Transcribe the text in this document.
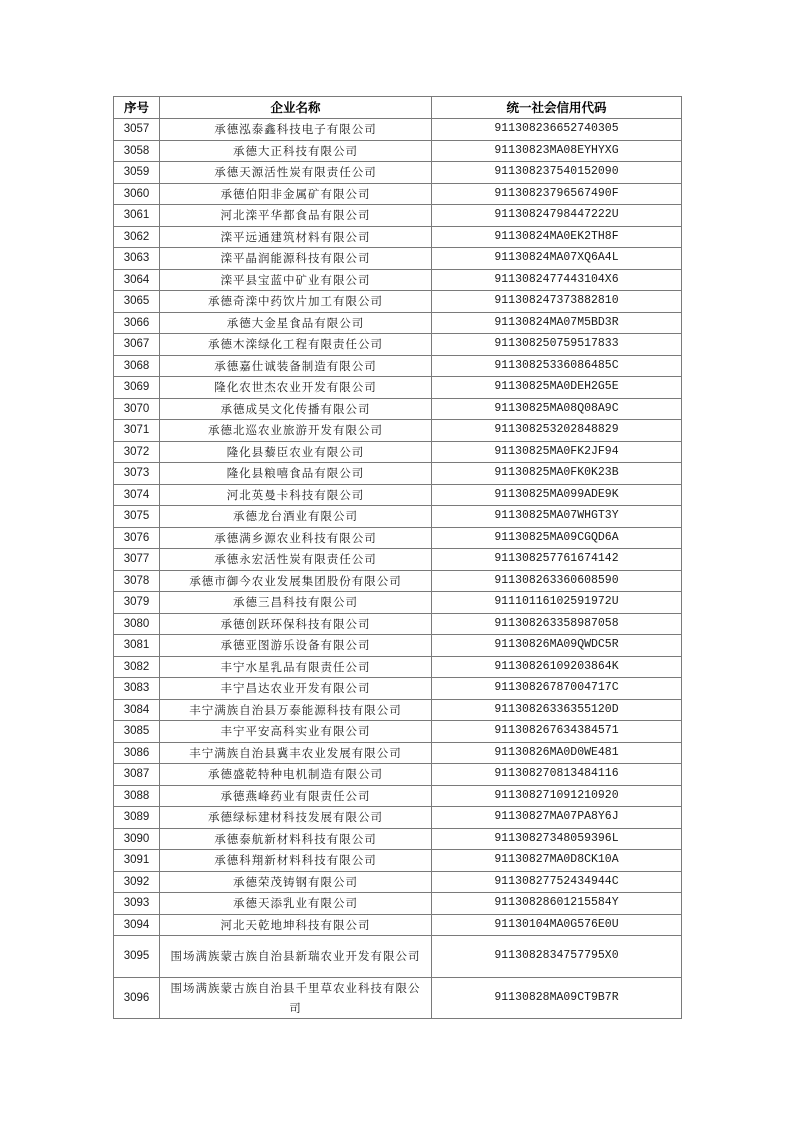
序号	企业名称	统一社会信用代码
3057	承德泓泰鑫科技电子有限公司	911308236652740305
3058	承德大正科技有限公司	91130823MA08EYHYXG
3059	承德天源活性炭有限责任公司	911308237540152090
3060	承德伯阳非金属矿有限公司	91130823796567490F
3061	河北滦平华都食品有限公司	91130824798447222U
3062	滦平远通建筑材料有限公司	91130824MA0EK2TH8F
3063	滦平晶润能源科技有限公司	91130824MA07XQ6A4L
3064	滦平县宝蓝中矿业有限公司	9113082477443104X6
3065	承德奇滦中药饮片加工有限公司	911308247373882810
3066	承德大金星食品有限公司	91130824MA07M5BD3R
3067	承德木滦绿化工程有限责任公司	911308250759517833
3068	承德嘉仕诚装备制造有限公司	91130825336086485C
3069	隆化农世杰农业开发有限公司	91130825MA0DEH2G5E
3070	承德成昊文化传播有限公司	91130825MA08Q08A9C
3071	承德北巡农业旅游开发有限公司	911308253202848829
3072	隆化县藜臣农业有限公司	91130825MA0FK2JF94
3073	隆化县粮嘻食品有限公司	91130825MA0FK0K23B
3074	河北英曼卡科技有限公司	91130825MA099ADE9K
3075	承德龙台酒业有限公司	91130825MA07WHGT3Y
3076	承德满乡源农业科技有限公司	91130825MA09CGQD6A
3077	承德永宏活性炭有限责任公司	911308257761674142
3078	承德市御今农业发展集团股份有限公司	911308263360608590
3079	承德三昌科技有限公司	91110116102591972U
3080	承德创跃环保科技有限公司	911308263358987058
3081	承德亚图游乐设备有限公司	91130826MA09QWDC5R
3082	丰宁水星乳品有限责任公司	91130826109203864K
3083	丰宁昌达农业开发有限公司	91130826787004717C
3084	丰宁满族自治县万泰能源科技有限公司	91130826336355120D
3085	丰宁平安高科实业有限公司	911308267634384571
3086	丰宁满族自治县冀丰农业发展有限公司	91130826MA0D0WE481
3087	承德盛乾特种电机制造有限公司	911308270813484116
3088	承德燕峰药业有限责任公司	911308271091210920
3089	承德绿标建材科技发展有限公司	91130827MA07PA8Y6J
3090	承德泰航新材料科技有限公司	91130827348059396L
3091	承德科翔新材料科技有限公司	91130827MA0D8CK10A
3092	承德荣茂铸钢有限公司	91130827752434944C
3093	承德天添乳业有限公司	91130828601215584Y
3094	河北天乾地坤科技有限公司	91130104MA0G576E0U
3095	围场满族蒙古族自治县新瑞农业开发有限公司	9113082834757795X0
3096	围场满族蒙古族自治县千里草农业科技有限公司	91130828MA09CT9B7R
